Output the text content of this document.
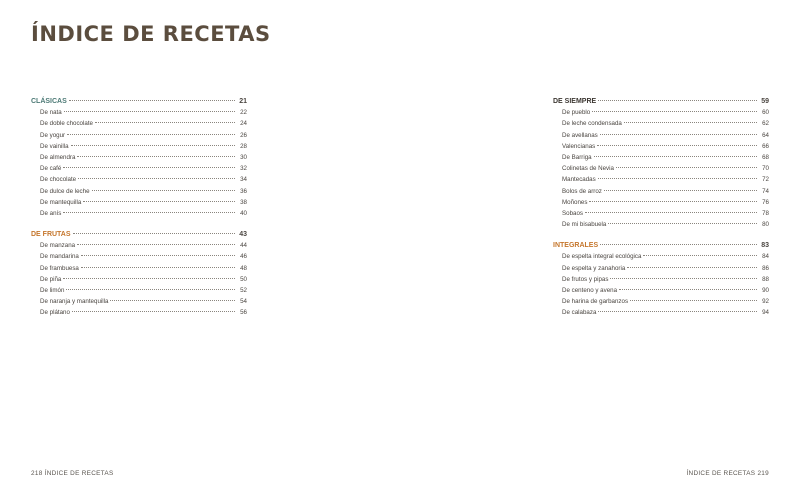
ÍNDICE DE RECETAS
CLÁSICAS	21
De nata	22
De doble chocolate	24
De yogur	26
De vainilla	28
De almendra	30
De café	32
De chocolate	34
De dulce de leche	36
De mantequilla	38
De anís	40
DE FRUTAS	43
De manzana	44
De mandarina	46
De frambuesa	48
De piña	50
De limón	52
De naranja y mantequilla	54
De plátano	56
DE SIEMPRE	59
De pueblo	60
De leche condensada	62
De avellanas	64
Valencianas	66
De Barriga	68
Colinetas de Nevia	70
Mantecadas	72
Bolos de arroz	74
Moñones	76
Sobaos	78
De mi bisabuela	80
INTEGRALES	83
De espelta integral ecológica	84
De espelta y zanahoria	86
De frutos y pipas	88
De centeno y avena	90
De harina de garbanzos	92
De calabaza	94
218 ÍNDICE DE RECETAS	ÍNDICE DE RECETAS 219
